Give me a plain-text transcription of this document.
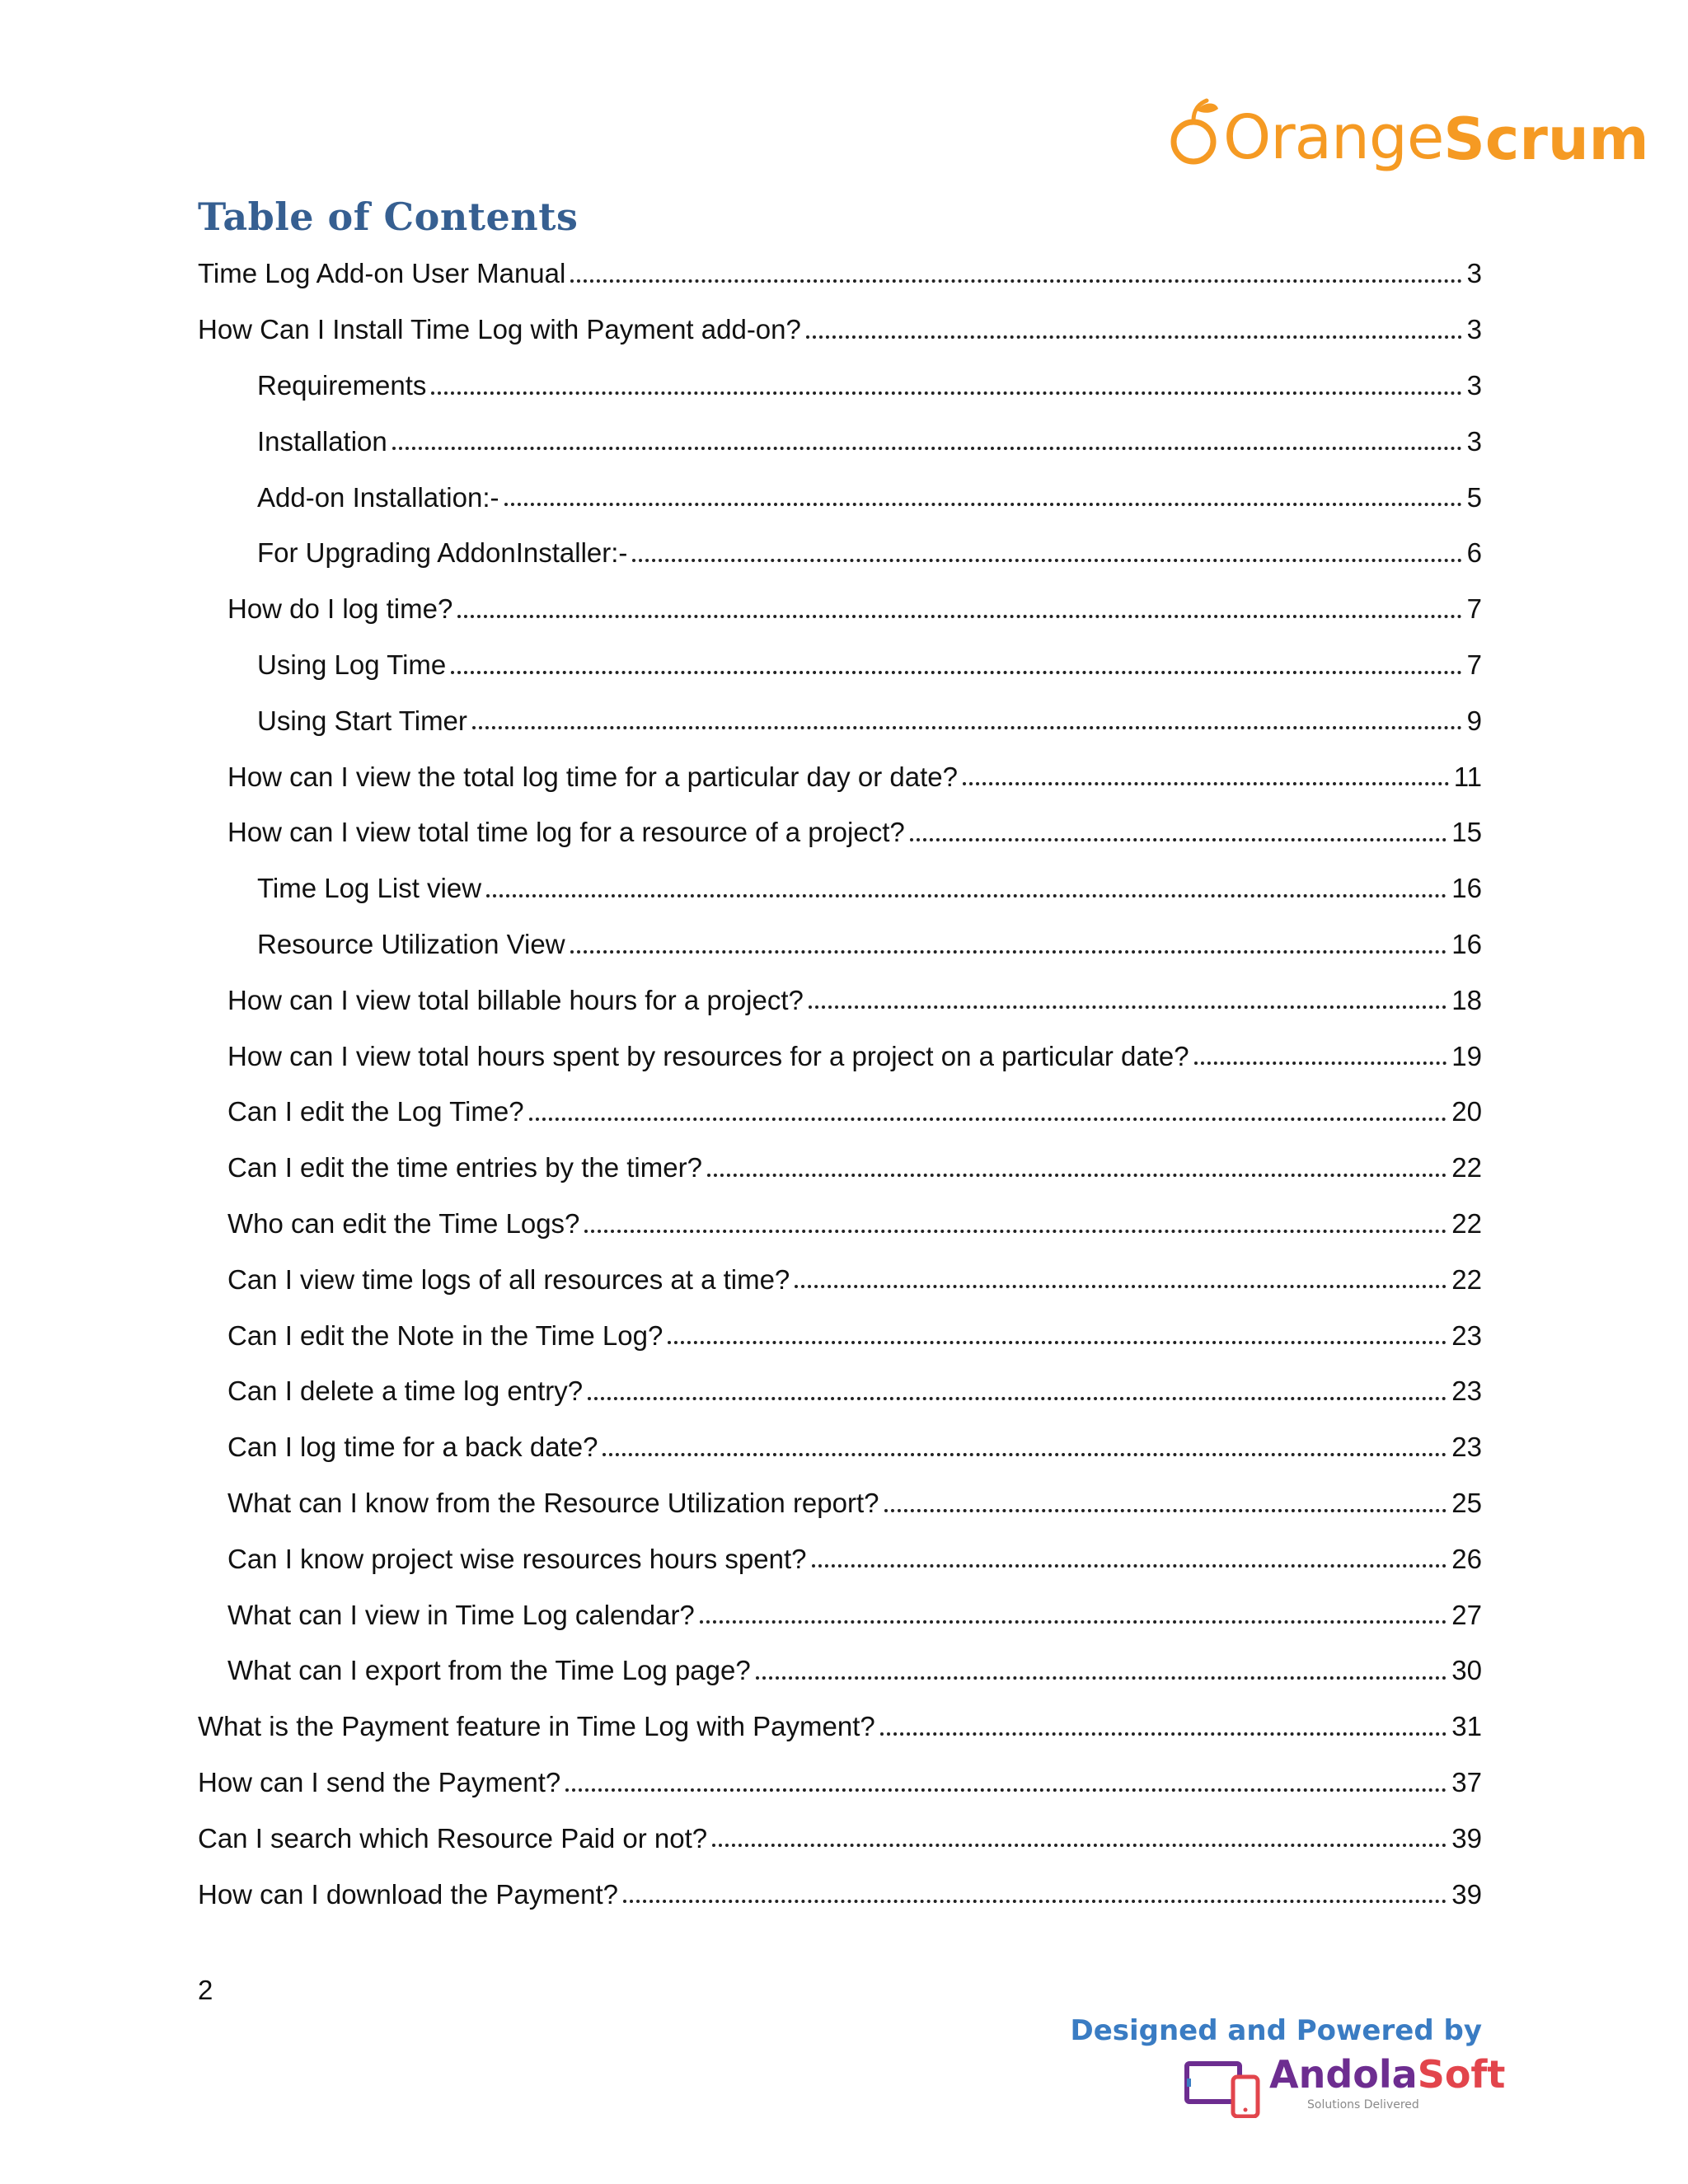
Orange Scrum
Table of Contents
Time Log Add-on User Manual	3
How Can I Install Time Log with Payment add-on?	3
Requirements	3
Installation	3
Add-on Installation:-	5
For Upgrading AddonInstaller:-	6
How do I log time?	7
Using Log Time	7
Using Start Timer	9
How can I view the total log time for a particular day or date?	11
How can I view total time log for a resource of a project?	15
Time Log List view	16
Resource Utilization View	16
How can I view total billable hours for a project?	18
How can I view total hours spent by resources for a project on a particular date?	19
Can I edit the Log Time?	20
Can I edit the time entries by the timer?	22
Who can edit the Time Logs?	22
Can I view time logs of all resources at a time?	22
Can I edit the Note in the Time Log?	23
Can I delete a time log entry?	23
Can I log time for a back date?	23
What can I know from the Resource Utilization report?	25
Can I know project wise resources hours spent?	26
What can I view in Time Log calendar?	27
What can I export from the Time Log page?	30
What is the Payment feature in Time Log with Payment?	31
How can I send the Payment?	37
Can I search which Resource Paid or not?	39
How can I download the Payment?	39
2
Designed and Powered by
AndolaSoft
Solutions Delivered
